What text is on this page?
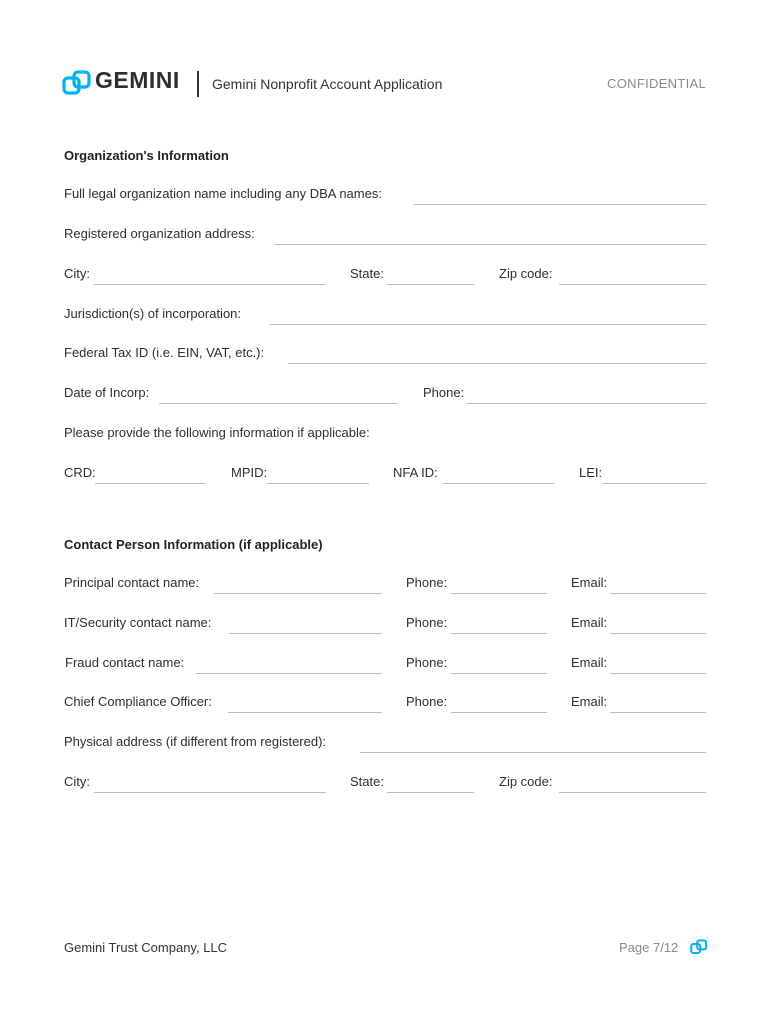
GEMINI Gemini Nonprofit Account Application	CONFIDENTIAL
Organization's Information
Full legal organization name including any DBA names:
Registered organization address:
City:	State:	Zip code:
Jurisdiction(s) of incorporation:
Federal Tax ID (i.e. EIN, VAT, etc.):
Date of Incorp:	Phone:
Please provide the following information if applicable:
CRD:	MPID:	NFA ID:	LEI:
Contact Person Information (if applicable)
Principal contact name:	Phone:	Email:
IT/Security contact name:	Phone:	Email:
Fraud contact name:	Phone:	Email:
Chief Compliance Officer:	Phone:	Email:
Physical address (if different from registered):
City:	State:	Zip code:
Gemini Trust Company, LLC	Page 7/12
